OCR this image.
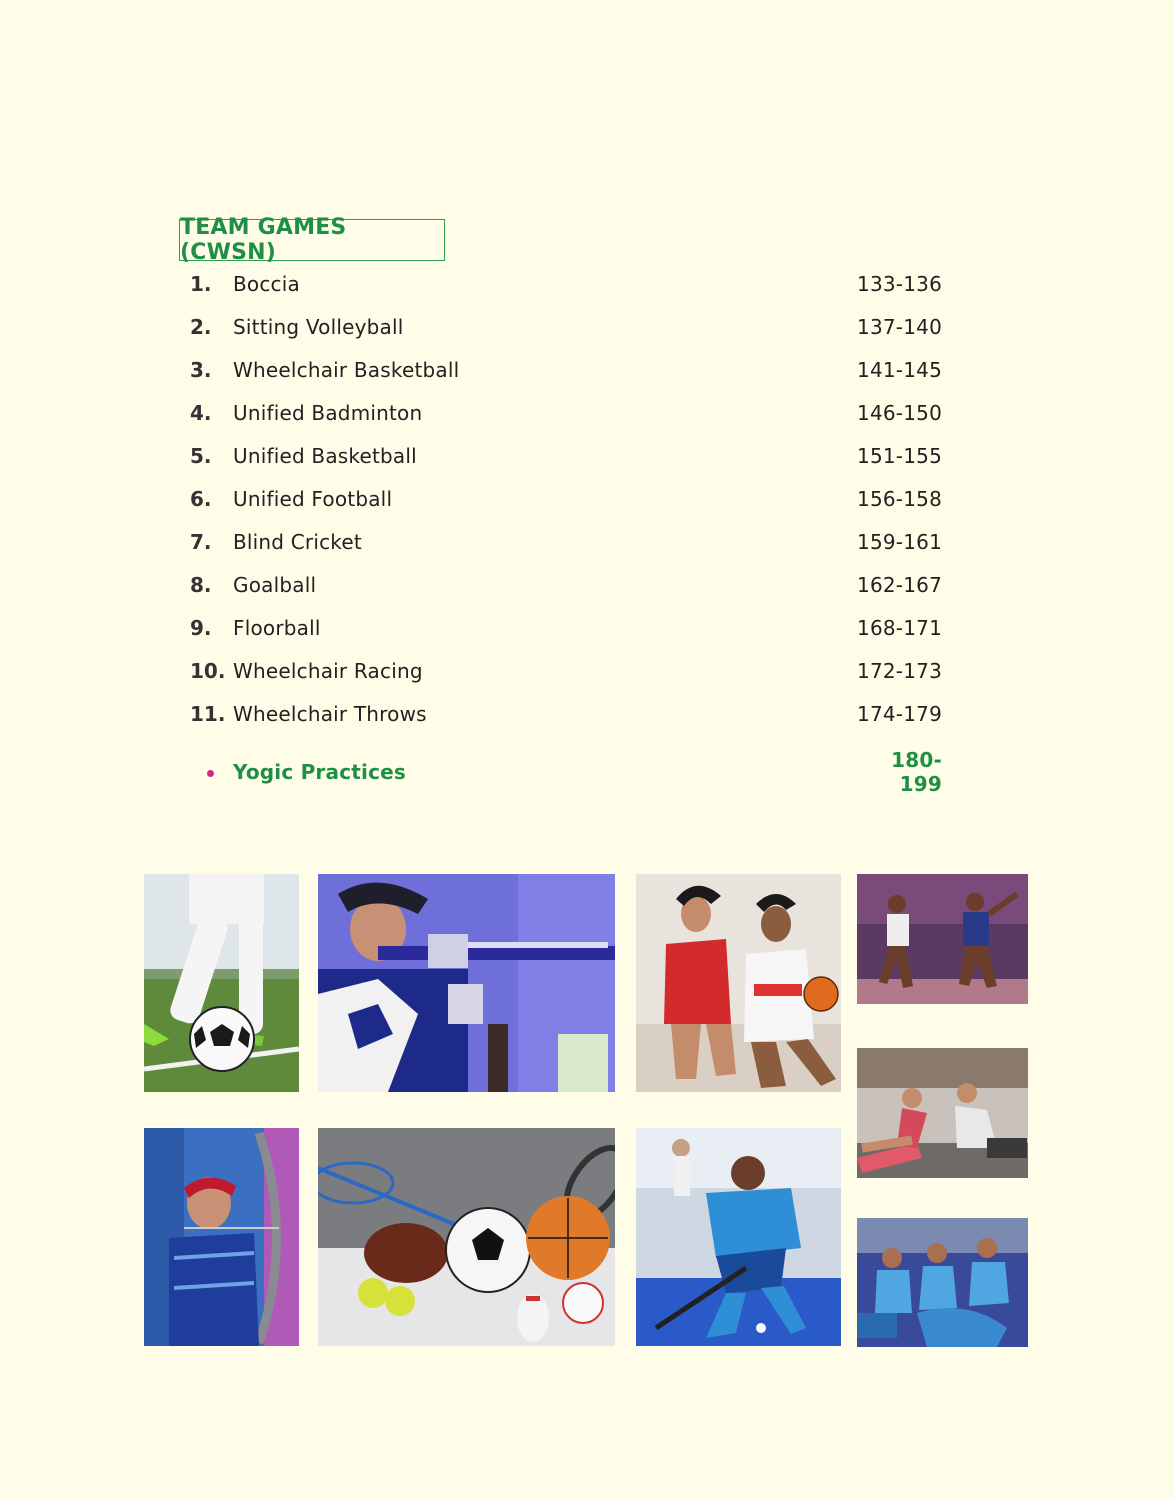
TEAM GAMES (CWSN)
1.	Boccia	133-136
2.	Sitting Volleyball	137-140
3.	Wheelchair Basketball	141-145
4.	Unified Badminton	146-150
5.	Unified Basketball	151-155
6.	Unified Football	156-158
7.	Blind Cricket	159-161
8.	Goalball	162-167
9.	Floorball	168-171
10. Wheelchair Racing	172-173
11. Wheelchair Throws	174-179
Yogic Practices	180-199
